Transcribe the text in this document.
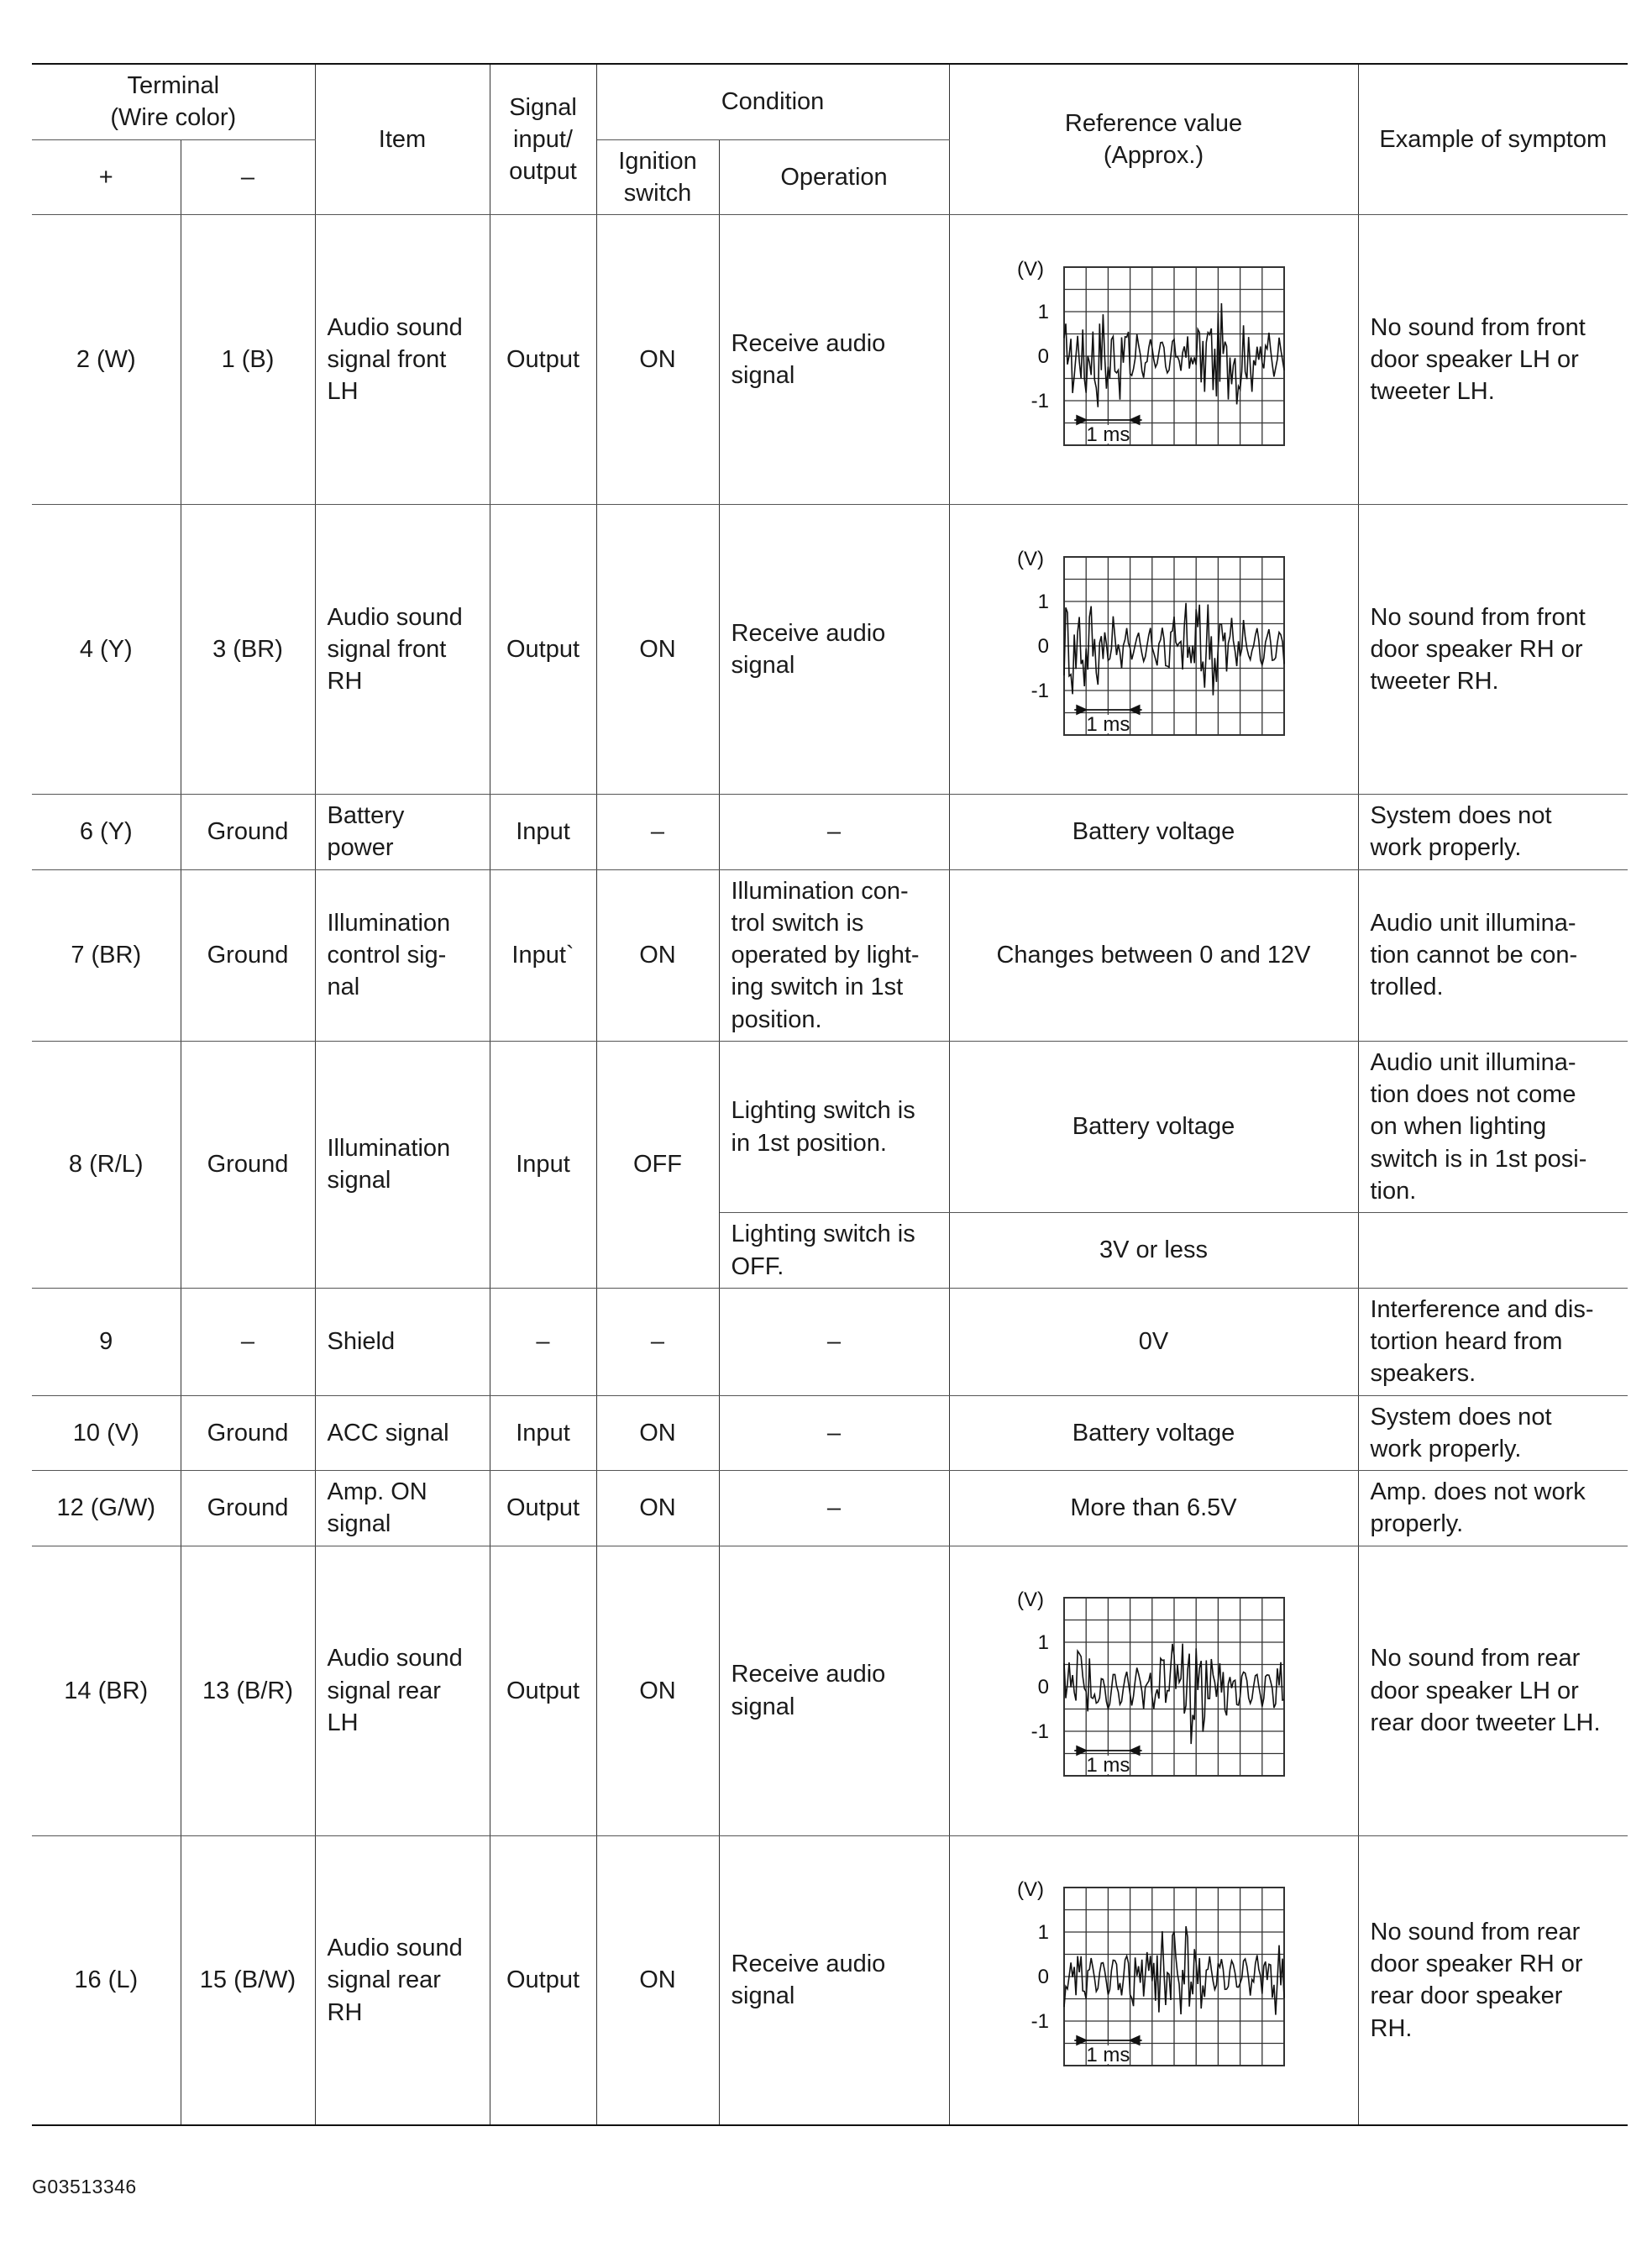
Terminal
(Wire color)		Item	Signal
input/
output	Condition		Reference value
(Approx.)	Example of symptom
+	–			Ignition
switch	Operation		
2 (W)	1 (B)	Audio sound
signal front
LH	Output	ON	Receive audio
signal	(V)
1
0
-1
1 ms	No sound from front
door speaker LH or
tweeter LH.
4 (Y)	3 (BR)	Audio sound
signal front
RH	Output	ON	Receive audio
signal	(V)
1
0
-1
1 ms	No sound from front
door speaker RH or
tweeter RH.
6 (Y)	Ground	Battery
power	Input	–	–	Battery voltage	System does not
work properly.
7 (BR)	Ground	Illumination
control sig-
nal	Input`	ON	Illumination con-
trol switch is
operated by light-
ing switch in 1st
position.	Changes between 0 and 12V	Audio unit illumina-
tion cannot be con-
trolled.
8 (R/L)	Ground	Illumination
signal	Input	OFF	Lighting switch is
in 1st position.	Battery voltage	Audio unit illumina-
tion does not come
on when lighting
switch is in 1st posi-
tion.
					Lighting switch is
OFF.	3V or less	
9	–	Shield	–	–	–	0V	Interference and dis-
tortion heard from
speakers.
10 (V)	Ground	ACC signal	Input	ON	–	Battery voltage	System does not
work properly.
12 (G/W)	Ground	Amp. ON
signal	Output	ON	–	More than 6.5V	Amp. does not work
properly.
14 (BR)	13 (B/R)	Audio sound
signal rear
LH	Output	ON	Receive audio
signal	(V)
1
0
-1
1 ms	No sound from rear
door speaker LH or
rear door tweeter LH.
16 (L)	15 (B/W)	Audio sound
signal rear
RH	Output	ON	Receive audio
signal	(V)
1
0
-1
1 ms	No sound from rear
door speaker RH or
rear door speaker
RH.
G03513346
